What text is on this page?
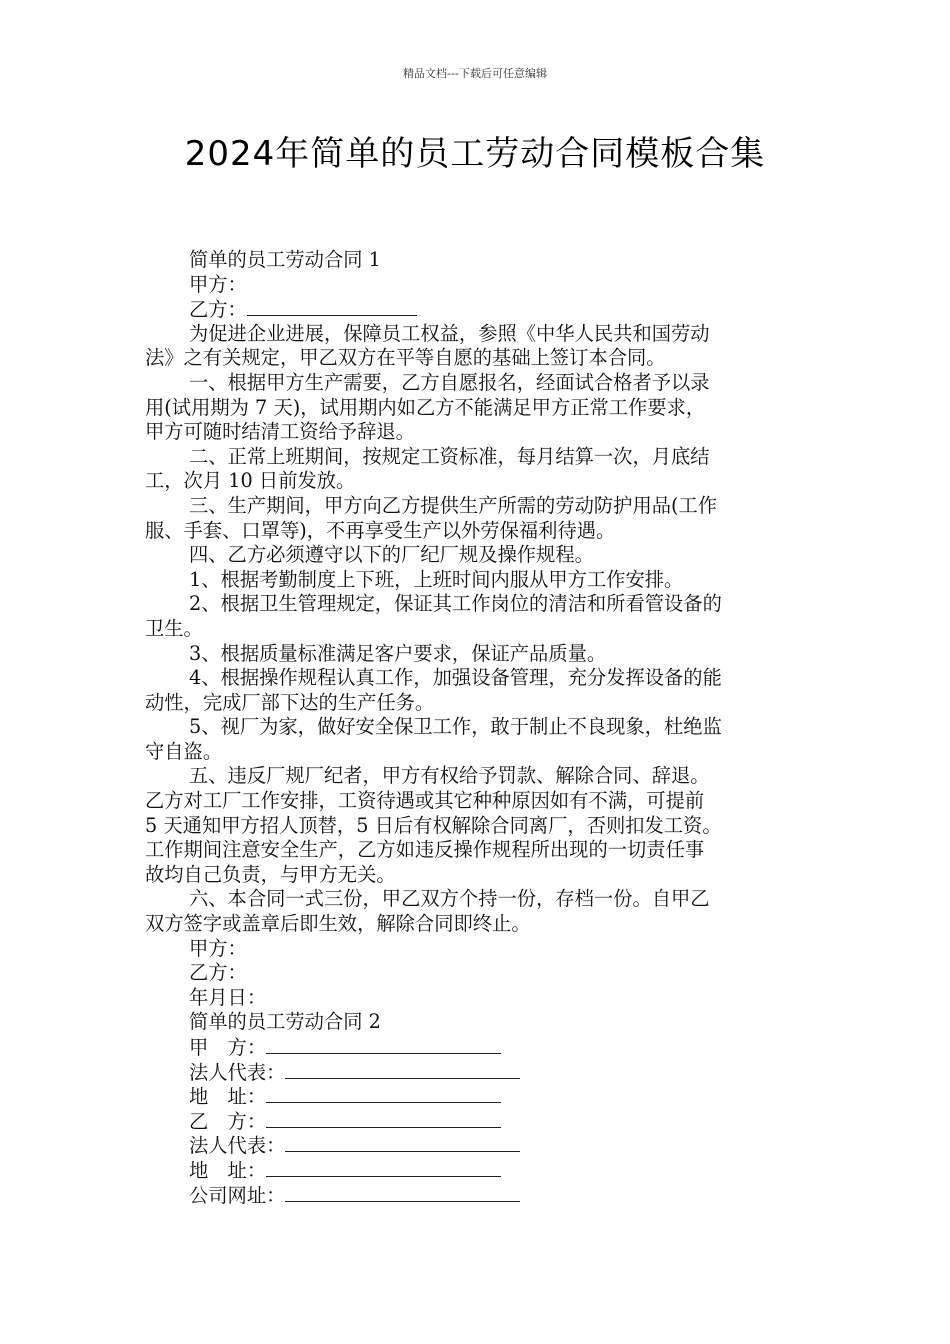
精品文档---下载后可任意编辑
2024年简单的员工劳动合同模板合集
简单的员工劳动合同 1
甲方：
乙方：
为促进企业进展，保障员工权益，参照《中华人民共和国劳动
法》之有关规定，甲乙双方在平等自愿的基础上签订本合同。
一、根据甲方生产需要，乙方自愿报名，经面试合格者予以录
用(试用期为 7 天)，试用期内如乙方不能满足甲方正常工作要求，
甲方可随时结清工资给予辞退。
二、正常上班期间，按规定工资标准，每月结算一次，月底结
工，次月 10 日前发放。
三、生产期间，甲方向乙方提供生产所需的劳动防护用品(工作
服、手套、口罩等)，不再享受生产以外劳保福利待遇。
四、乙方必须遵守以下的厂纪厂规及操作规程。
1、根据考勤制度上下班，上班时间内服从甲方工作安排。
2、根据卫生管理规定，保证其工作岗位的清洁和所看管设备的
卫生。
3、根据质量标准满足客户要求，保证产品质量。
4、根据操作规程认真工作，加强设备管理，充分发挥设备的能
动性，完成厂部下达的生产任务。
5、视厂为家，做好安全保卫工作，敢于制止不良现象，杜绝监
守自盗。
五、违反厂规厂纪者，甲方有权给予罚款、解除合同、辞退。
乙方对工厂工作安排，工资待遇或其它种种原因如有不满，可提前
5 天通知甲方招人顶替，5 日后有权解除合同离厂，否则扣发工资。
工作期间注意安全生产，乙方如违反操作规程所出现的一切责任事
故均自己负责，与甲方无关。
六、本合同一式三份，甲乙双方个持一份，存档一份。自甲乙
双方签字或盖章后即生效，解除合同即终止。
甲方：
乙方：
年月日：
简单的员工劳动合同 2
甲　方：
法人代表：
地　址：
乙　方：
法人代表：
地　址：
公司网址：
